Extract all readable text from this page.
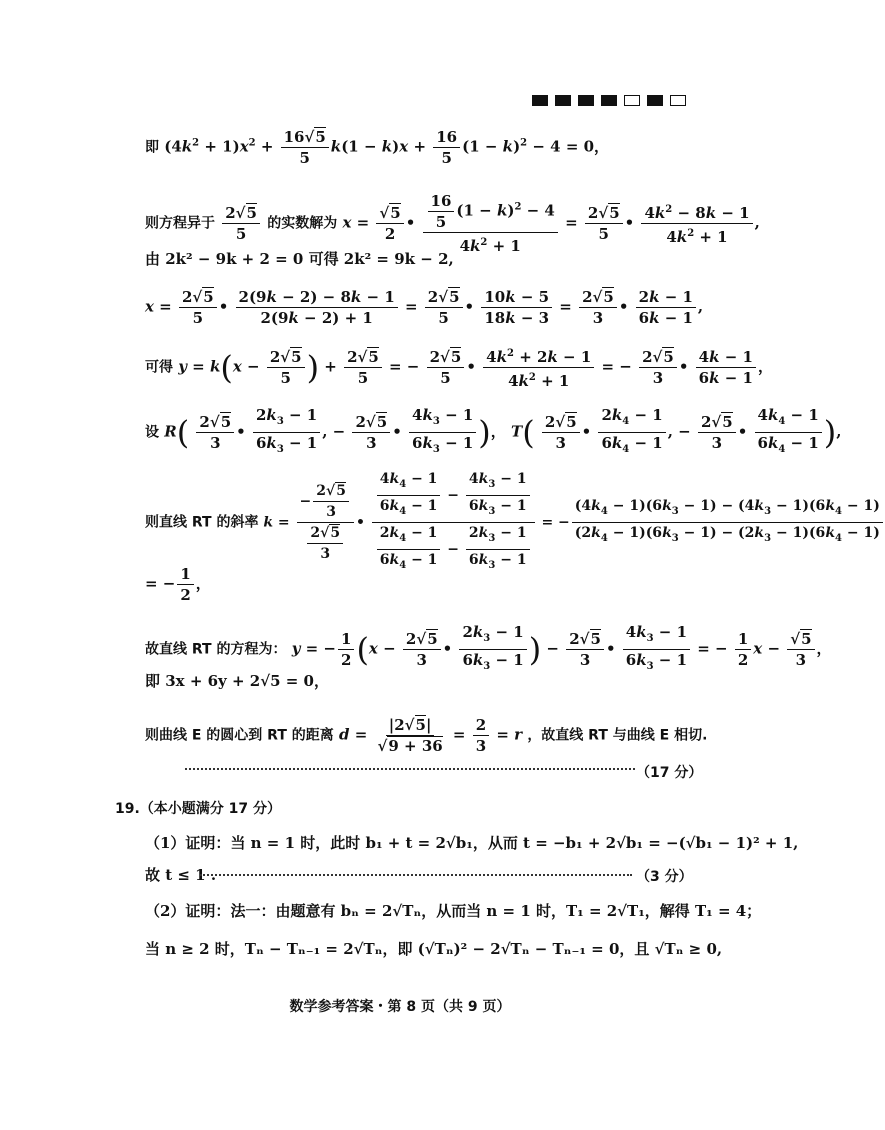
即 $(4k^2 + 1)x^2 + \frac{16√5}{5} k(1 - k)x + \frac{16}{5} (1 - k)^2 - 4 = 0$，
则方程异于 $\frac{2√5}{5}$ 的实数解为 $x = \frac{√5}{2}$ • $\frac{\frac{16}{5} (1 - k)^2 - 4}{4k^2 + 1} = \frac{2√5}{5}$ • $\frac{4k^2 - 8k - 1}{4k^2 + 1}$ ,
由 2k² − 9k + 2 = 0 可得 2k² = 9k − 2,
$x = \frac{2√5}{5}$ • $\frac{2(9k - 2) - 8k - 1}{2(9k - 2) + 1} = \frac{2√5}{5}$ • $\frac{10k - 5}{18k - 3} = \frac{2√5}{3}$ • $\frac{2k - 1}{6k - 1}$ ,
可得 $y = k(x - \frac{2√5}{5}$ ) + $\frac{2√5}{5}$ = − $\frac{2√5}{5}$ • $\frac{4k^2 + 2k - 1}{4k^2 + 1}$ = − $\frac{2√5}{3}$ • $\frac{4k - 1}{6k - 1}$ ，
设 $R( \frac{2√5}{3}$ • $\frac{2k_3 - 1}{6k_3 - 1}$ , − $\frac{2√5}{3}$ • $\frac{4k_3 - 1}{6k_3 - 1}$ )， $T( \frac{2√5}{3}$ • $\frac{2k_4 - 1}{6k_4 - 1}$ , − $\frac{2√5}{3}$ • $\frac{4k_4 - 1}{6k_4 - 1}$ ),
则直线 RT 的斜率 $k = \frac{- \frac{2√5}{3}}{\frac{2√5}{3}}$ • $\frac{\frac{4k_4 - 1}{6k_4 - 1} - \frac{4k_3 - 1}{6k_3 - 1}}{\frac{2k_4 - 1}{6k_4 - 1} - \frac{2k_3 - 1}{6k_3 - 1}}$ = − $\frac{(4k_4 - 1)(6k_3 - 1) - (4k_3 - 1)(6k_4 - 1)}{(2k_4 - 1)(6k_3 - 1) - (2k_3 - 1)(6k_4 - 1)}$
= − $\frac{1}{2}$ ，
故直线 RT 的方程为： y = − $\frac{1}{2} (x - \frac{2√5}{3}$ • $\frac{2k_3 - 1}{6k_3 - 1}$ ) − $\frac{2√5}{3}$ • $\frac{4k_3 - 1}{6k_3 - 1}$ = − $\frac{1}{2}$ $x - \frac{√5}{3}$ ，
即 3x + 6y + 2√5 = 0，
则曲线 E 的圆心到 RT 的距离 $d = \frac{|2√5|}{√9 + 36} = \frac{2}{3} = r$ ，故直线 RT 与曲线 E 相切.
（17 分）
19.（本小题满分 17 分）
（1）证明：当 n = 1 时，此时 b₁ + t = 2√b₁，从而 t = −b₁ + 2√b₁ = −(√b₁ − 1)² + 1,
故 t ≤ 1 .	（3 分）
（2）证明：法一：由题意有 bₙ = 2√Tₙ，从而当 n = 1 时，T₁ = 2√T₁，解得 T₁ = 4；
当 n ≥ 2 时，Tₙ − Tₙ₋₁ = 2√Tₙ，即 (√Tₙ)² − 2√Tₙ − Tₙ₋₁ = 0，且 √Tₙ ≥ 0,
数学参考答案・第 8 页（共 9 页）
